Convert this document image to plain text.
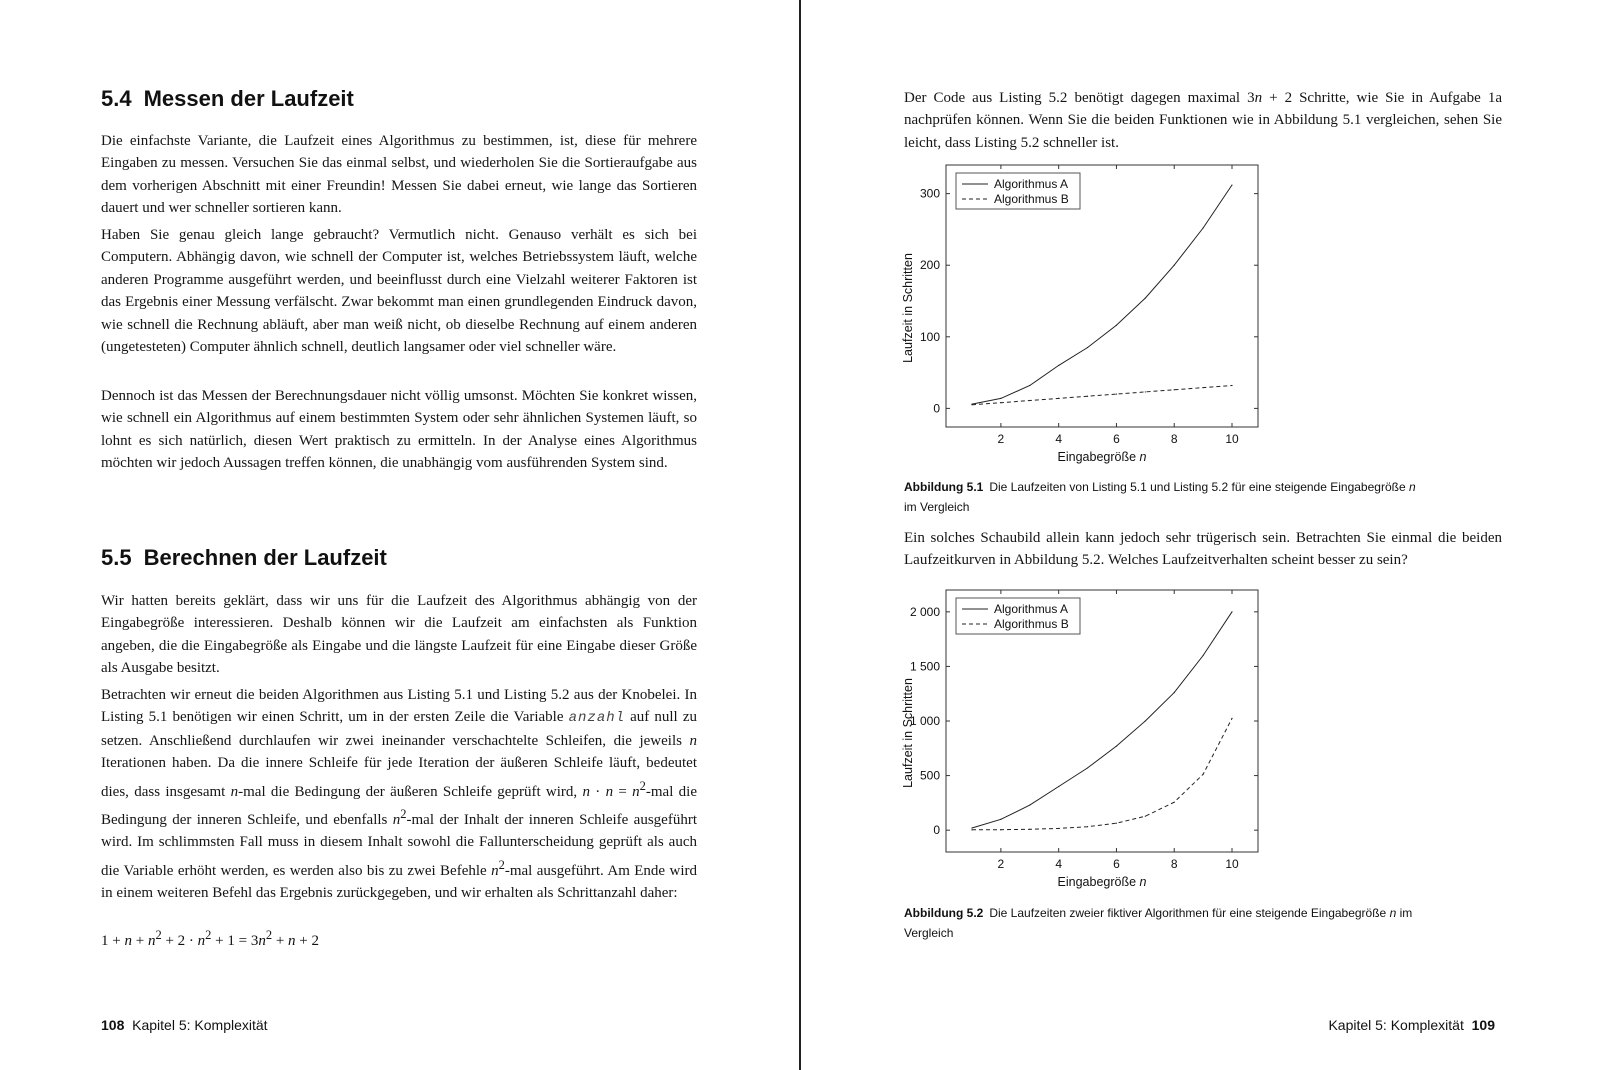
5.4 Messen der Laufzeit

Die einfachste Variante, die Laufzeit eines Algorithmus zu bestimmen, ist, diese für mehrere Eingaben zu messen. Versuchen Sie das einmal selbst, und wiederholen Sie die Sortieraufgabe aus dem vorherigen Abschnitt mit einer Freundin! Messen Sie dabei erneut, wie lange das Sortieren dauert und wer schneller sortieren kann.

Haben Sie genau gleich lange gebraucht? Vermutlich nicht. Genauso verhält es sich bei Computern. Abhängig davon, wie schnell der Computer ist, welches Betriebssystem läuft, welche anderen Programme ausgeführt werden, und beeinflusst durch eine Vielzahl weiterer Faktoren ist das Ergebnis einer Messung verfälscht. Zwar bekommt man einen grundlegenden Eindruck davon, wie schnell die Rechnung abläuft, aber man weiß nicht, ob dieselbe Rechnung auf einem anderen (ungetesteten) Computer ähnlich schnell, deutlich langsamer oder viel schneller wäre.

Dennoch ist das Messen der Berechnungsdauer nicht völlig umsonst. Möchten Sie konkret wissen, wie schnell ein Algorithmus auf einem bestimmten System oder sehr ähnlichen Systemen läuft, so lohnt es sich natürlich, diesen Wert praktisch zu ermitteln. In der Analyse eines Algorithmus möchten wir jedoch Aussagen treffen können, die unabhängig vom ausführenden System sind.

5.5 Berechnen der Laufzeit

Wir hatten bereits geklärt, dass wir uns für die Laufzeit des Algorithmus abhängig von der Eingabegröße interessieren. Deshalb können wir die Laufzeit am einfachsten als Funktion angeben, die die Eingabegröße als Eingabe und die längste Laufzeit für eine Eingabe dieser Größe als Ausgabe besitzt.

Betrachten wir erneut die beiden Algorithmen aus Listing 5.1 und Listing 5.2 aus der Knobelei. In Listing 5.1 benötigen wir einen Schritt, um in der ersten Zeile die Variable anzahl auf null zu setzen. Anschließend durchlaufen wir zwei ineinander verschachtelte Schleifen, die jeweils n Iterationen haben. Da die innere Schleife für jede Iteration der äußeren Schleife läuft, bedeutet dies, dass insgesamt n-mal die Bedingung der äußeren Schleife geprüft wird, $n \cdot n = n^2$-mal die Bedingung der inneren Schleife, und ebenfalls $n^2$-mal der Inhalt der inneren Schleife ausgeführt wird. Im schlimmsten Fall muss in diesem Inhalt sowohl die Fallunterscheidung geprüft als auch die Variable erhöht werden, es werden also bis zu zwei Befehle $n^2$-mal ausgeführt. Am Ende wird in einem weiteren Befehl das Ergebnis zurückgegeben, und wir erhalten als Schrittanzahl daher:

$1 + n + n^2 + 2 \cdot n^2 + 1 = 3n^2 + n + 2$

108 Kapitel 5: Komplexität

Der Code aus Listing 5.2 benötigt dagegen maximal 3n + 2 Schritte, wie Sie in Aufgabe 1a nachprüfen können. Wenn Sie die beiden Funktionen wie in Abbildung 5.1 vergleichen, sehen Sie leicht, dass Listing 5.2 schneller ist.

2	4	6	8	10
0
100
200
300
Eingabegröße n
Laufzeit in Schritten
Algorithmus A
Algorithmus B

Abbildung 5.1 Die Laufzeiten von Listing 5.1 und Listing 5.2 für eine steigende Eingabegröße n im Vergleich

Ein solches Schaubild allein kann jedoch sehr trügerisch sein. Betrachten Sie einmal die beiden Laufzeitkurven in Abbildung 5.2. Welches Laufzeitverhalten scheint besser zu sein?

2	4	6	8	10
0
500
1 000
1 500
2 000
Eingabegröße n
Laufzeit in Schritten
Algorithmus A
Algorithmus B

Abbildung 5.2 Die Laufzeiten zweier fiktiver Algorithmen für eine steigende Eingabegröße n im Vergleich

Kapitel 5: Komplexität 109
